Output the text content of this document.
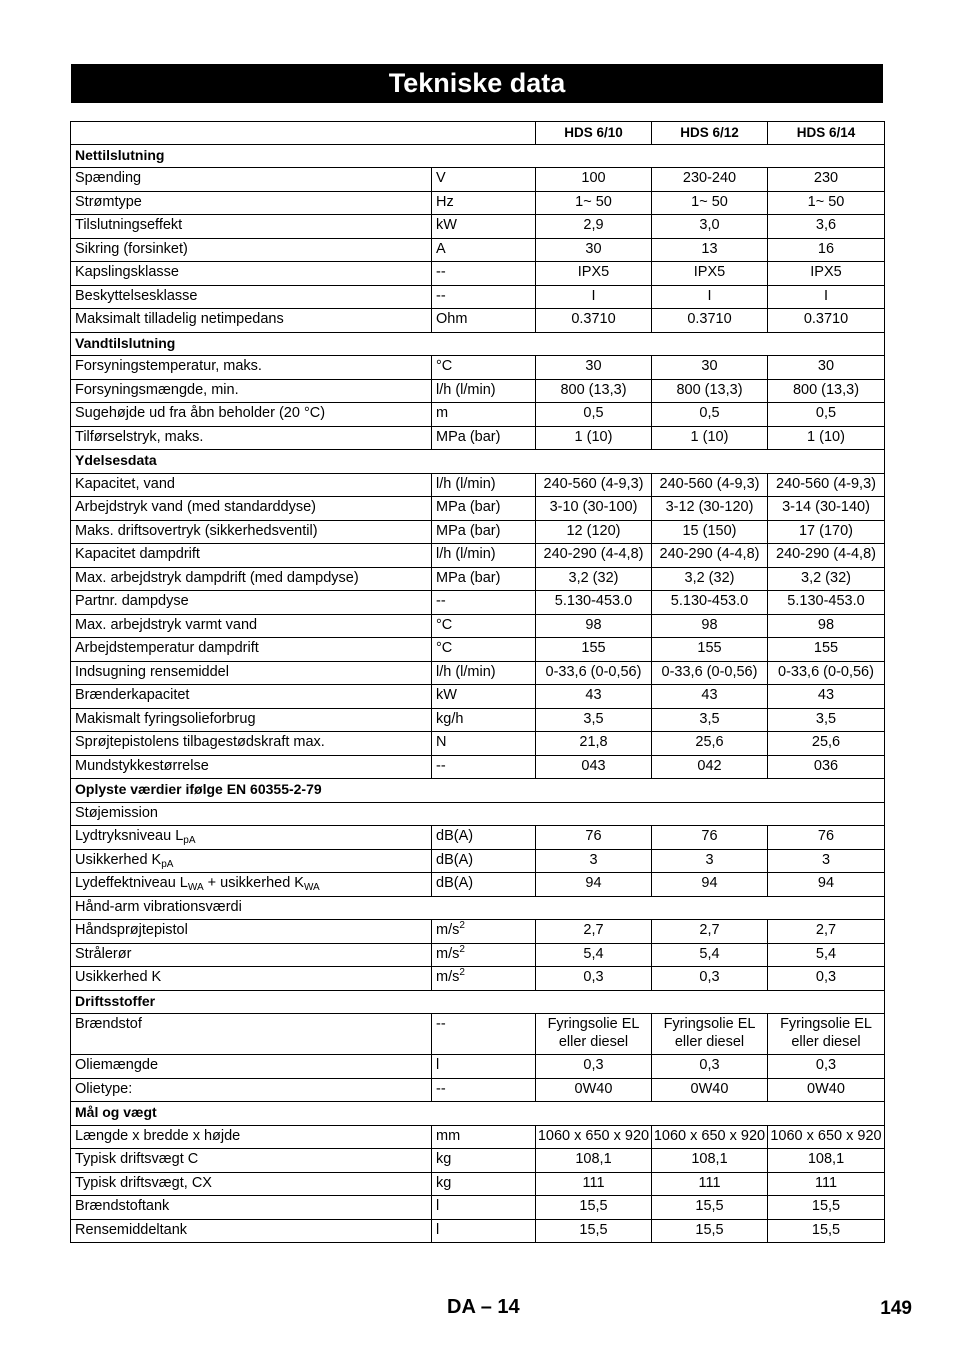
Tekniske data
		HDS 6/10	HDS 6/12	HDS 6/14
Nettilslutning				
Spænding	V	100	230-240	230
Strømtype	Hz	1~ 50	1~ 50	1~ 50
Tilslutningseffekt	kW	2,9	3,0	3,6
Sikring (forsinket)	A	30	13	16
Kapslingsklasse	--	IPX5	IPX5	IPX5
Beskyttelsesklasse	--	I	I	I
Maksimalt tilladelig netimpedans	Ohm	0.3710	0.3710	0.3710
Vandtilslutning				
Forsyningstemperatur, maks.	°C	30	30	30
Forsyningsmængde, min.	l/h (l/min)	800 (13,3)	800 (13,3)	800 (13,3)
Sugehøjde ud fra åbn beholder (20 °C)	m	0,5	0,5	0,5
Tilførselstryk, maks.	MPa (bar)	1 (10)	1 (10)	1 (10)
Ydelsesdata				
Kapacitet, vand	l/h (l/min)	240-560 (4-9,3)	240-560 (4-9,3)	240-560 (4-9,3)
Arbejdstryk vand (med standarddyse)	MPa (bar)	3-10 (30-100)	3-12 (30-120)	3-14 (30-140)
Maks. driftsovertryk (sikkerhedsventil)	MPa (bar)	12 (120)	15 (150)	17 (170)
Kapacitet dampdrift	l/h (l/min)	240-290 (4-4,8)	240-290 (4-4,8)	240-290 (4-4,8)
Max. arbejdstryk dampdrift (med dampdyse)	MPa (bar)	3,2 (32)	3,2 (32)	3,2 (32)
Partnr. dampdyse	--	5.130-453.0	5.130-453.0	5.130-453.0
Max. arbejdstryk varmt vand	°C	98	98	98
Arbejdstemperatur dampdrift	°C	155	155	155
Indsugning rensemiddel	l/h (l/min)	0-33,6 (0-0,56)	0-33,6 (0-0,56)	0-33,6 (0-0,56)
Brænderkapacitet	kW	43	43	43
Makismalt fyringsolieforbrug	kg/h	3,5	3,5	3,5
Sprøjtepistolens tilbagestødskraft max.	N	21,8	25,6	25,6
Mundstykkestørrelse	--	043	042	036
Oplyste værdier ifølge EN 60355-2-79				
Støjemission				
Lydtryksniveau $L_{pA}$	dB(A)	76	76	76
Usikkerhed $K_{pA}$	dB(A)	3	3	3
Lydeffektniveau $L_{WA}$ + usikkerhed $K_{WA}$	dB(A)	94	94	94
Hånd-arm vibrationsværdi				
Håndsprøjtepistol	$m/s^2$	2,7	2,7	2,7
Strålerør	$m/s^2$	5,4	5,4	5,4
Usikkerhed K	$m/s^2$	0,3	0,3	0,3
Driftsstoffer				
Brændstof	--	Fyringsolie EL eller diesel	Fyringsolie EL eller diesel	Fyringsolie EL eller diesel
Oliemængde	l	0,3	0,3	0,3
Olietype:	--	0W40	0W40	0W40
Mål og vægt				
Længde x bredde x højde	mm	1060 x 650 x 920	1060 x 650 x 920	1060 x 650 x 920
Typisk driftsvægt C	kg	108,1	108,1	108,1
Typisk driftsvægt, CX	kg	111	111	111
Brændstoftank	l	15,5	15,5	15,5
Rensemiddeltank	l	15,5	15,5	15,5
DA – 14	149
